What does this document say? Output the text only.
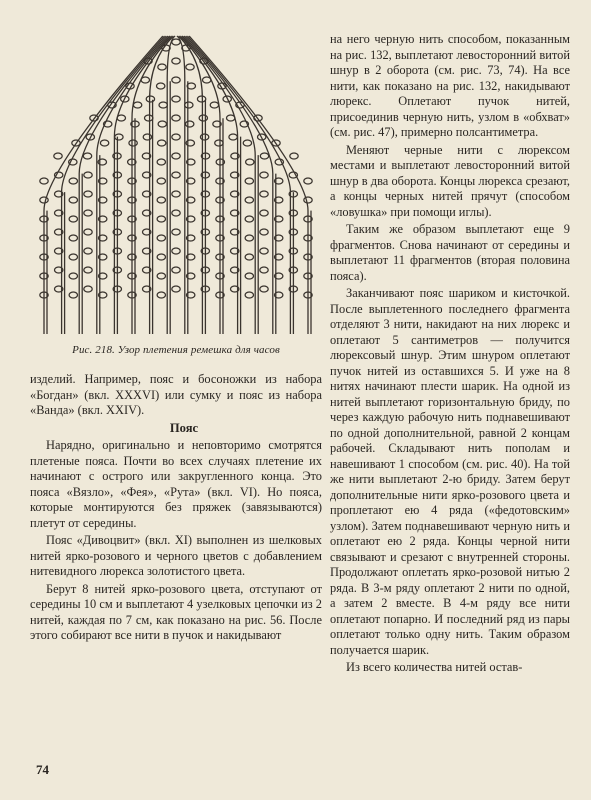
Рис. 218. Узор плетения ремешка для часов

изделий. Например, пояс и босоножки из набора «Богдан» (вкл. XXXVI) или сумку и пояс из набора «Ванда» (вкл. XXIV).

Пояс

Нарядно, оригинально и неповторимо смотрятся плетеные пояса. Почти во всех случаях плетение их начинают с острого или закругленного конца. Это пояса «Вязло», «Фея», «Рута» (вкл. VI). Но пояса, которые монтируются без пряжек (завязываются) плетут от середины.

Пояс «Дивоцвит» (вкл. XI) выполнен из шелковых нитей ярко-розового и черного цветов с добавлением нитевидного люрекса золотистого цвета.

Берут 8 нитей ярко-розового цвета, отступают от середины 10 см и выплетают 4 узелковых цепочки из 2 нитей, каждая по 7 см, как показано на рис. 56. После этого собирают все нити в пучок и накидывают

на него черную нить способом, показанным на рис. 132, выплетают левосторонний витой шнур в 2 оборота (см. рис. 73, 74). На все нити, как показано на рис. 132, накидывают люрекс. Оплетают пучок нитей, присоединив черную нить, узлом в «обхват» (см. рис. 47), примерно полсантиметра.

Меняют черные нити с люрексом местами и выплетают левосторонний витой шнур в два оборота. Концы люрекса срезают, а концы черных нитей прячут (способом «ловушка» при помощи иглы).

Таким же образом выплетают еще 9 фрагментов. Снова начинают от середины и выплетают 11 фрагментов (вторая половина пояса).

Заканчивают пояс шариком и кисточкой. После выплетенного последнего фрагмента отделяют 3 нити, накидают на них люрекс и оплетают 5 сантиметров — получится люрексовый шнур. Этим шнуром оплетают пучок нитей из оставшихся 5. И уже на 8 нитях начинают плести шарик. На одной из нитей выплетают горизонтальную бриду, по через каждую рабочую нить поднавешивают по одной дополнительной, равной 2 концам рабочей. Складывают нить пополам и навешивают 1 способом (см. рис. 40). На той же нити выплетают 2-ю бриду. Затем берут дополнительные нити ярко-розового цвета и проплетают ею 4 ряда («федотовским» узлом). Затем поднавешивают черную нить и оплетают ею 2 ряда. Концы черной нити связывают и срезают с внутренней стороны. Продолжают оплетать ярко-розовой нитью 2 ряда. В 3-м ряду оплетают 2 нити по одной, а затем 2 вместе. В 4-м ряду все нити оплетают попарно. И последний ряд из пары оплетают только одну нить. Таким образом получается шарик.

Из всего количества нитей остав-

74
